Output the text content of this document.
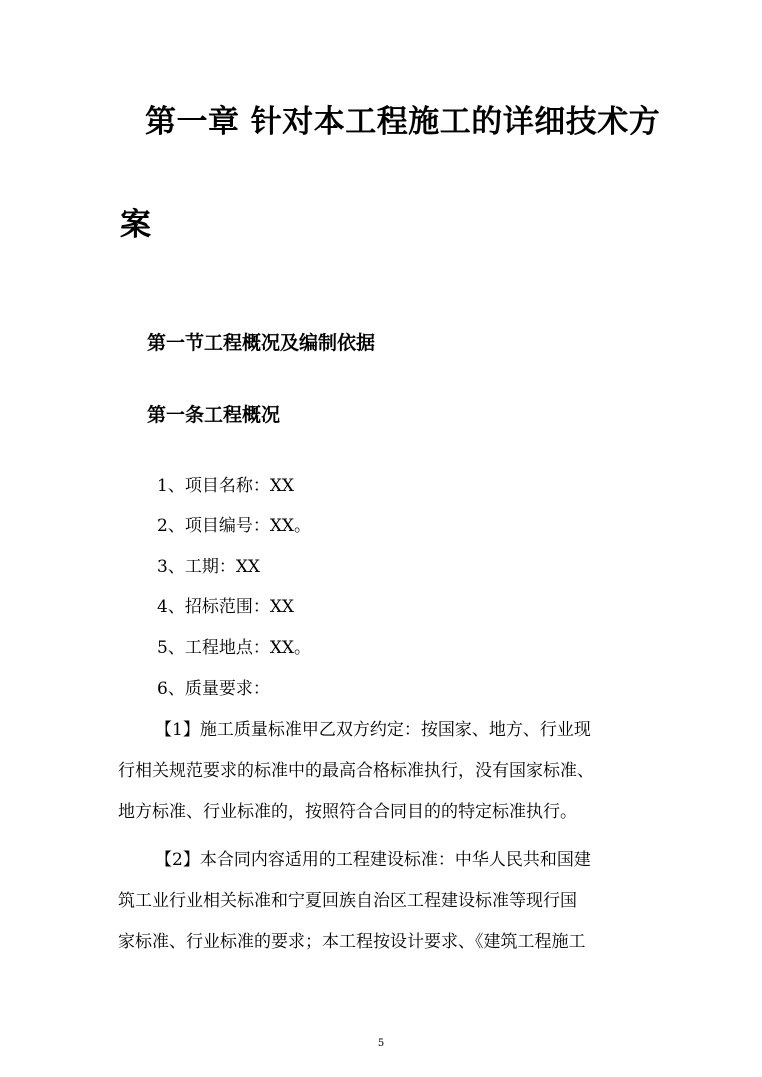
第一章 针对本工程施工的详细技术方
案
第一节工程概况及编制依据
第一条工程概况
1、项目名称：XX
2、项目编号：XX。
3、工期：XX
4、招标范围：XX
5、工程地点：XX。
6、质量要求：
【1】施工质量标准甲乙双方约定：按国家、地方、行业现
行相关规范要求的标准中的最高合格标准执行，没有国家标准、
地方标准、行业标准的，按照符合合同目的的特定标准执行。
【2】本合同内容适用的工程建设标准：中华人民共和国建
筑工业行业相关标准和宁夏回族自治区工程建设标准等现行国
家标准、行业标准的要求；本工程按设计要求、《建筑工程施工
5
